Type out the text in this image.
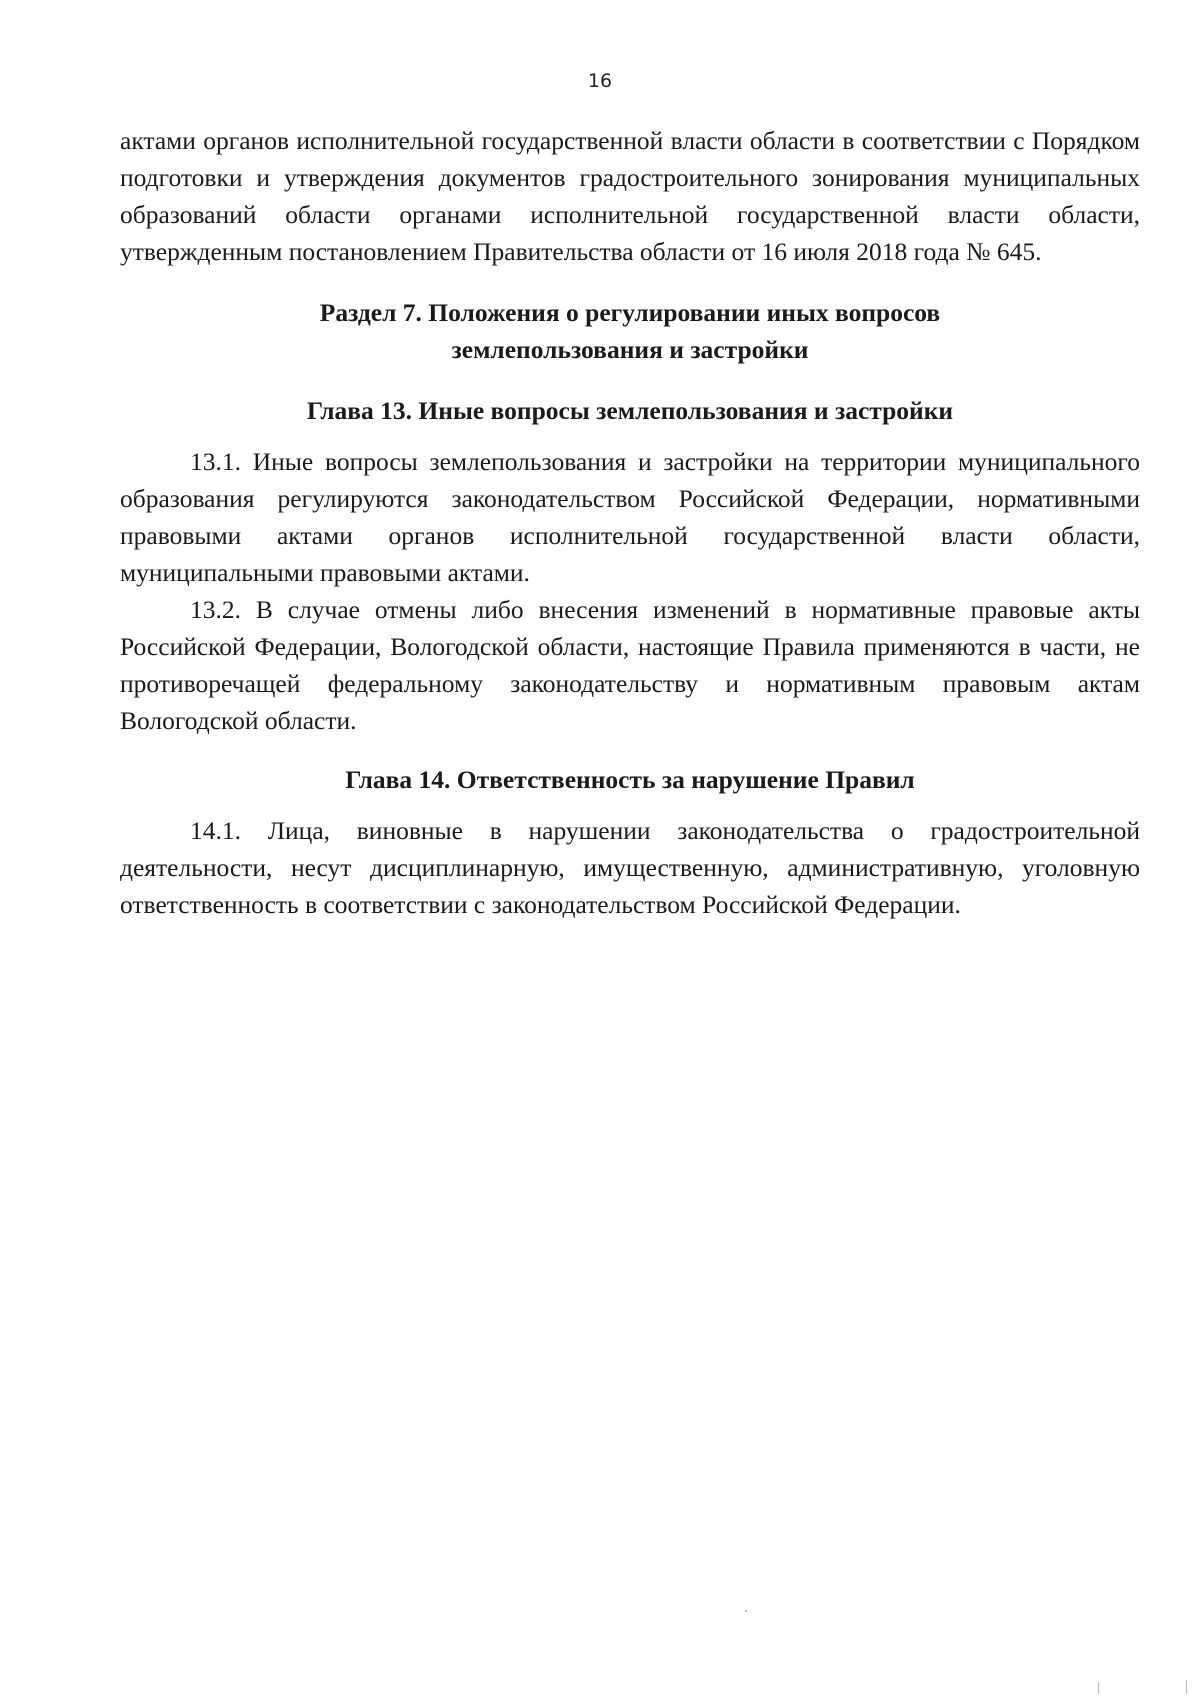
16

актами органов исполнительной государственной власти области в соответствии с Порядком подготовки и утверждения документов градостроительного зонирования муниципальных образований области органами исполнительной государственной власти области, утвержденным постановлением Правительства области от 16 июля 2018 года № 645.

Раздел 7. Положения о регулировании иных вопросов
землепользования и застройки
Глава 13. Иные вопросы землепользования и застройки

13.1. Иные вопросы землепользования и застройки на территории муниципального образования регулируются законодательством Российской Федерации, нормативными правовыми актами органов исполнительной государственной власти области, муниципальными правовыми актами.

13.2. В случае отмены либо внесения изменений в нормативные правовые акты Российской Федерации, Вологодской области, настоящие Правила применяются в части, не противоречащей федеральному законодательству и нормативным правовым актам Вологодской области.

Глава 14. Ответственность за нарушение Правил

14.1. Лица, виновные в нарушении законодательства о градостроительной деятельности, несут дисциплинарную, имущественную, административную, уголовную ответственность в соответствии с законодательством Российской Федерации.
